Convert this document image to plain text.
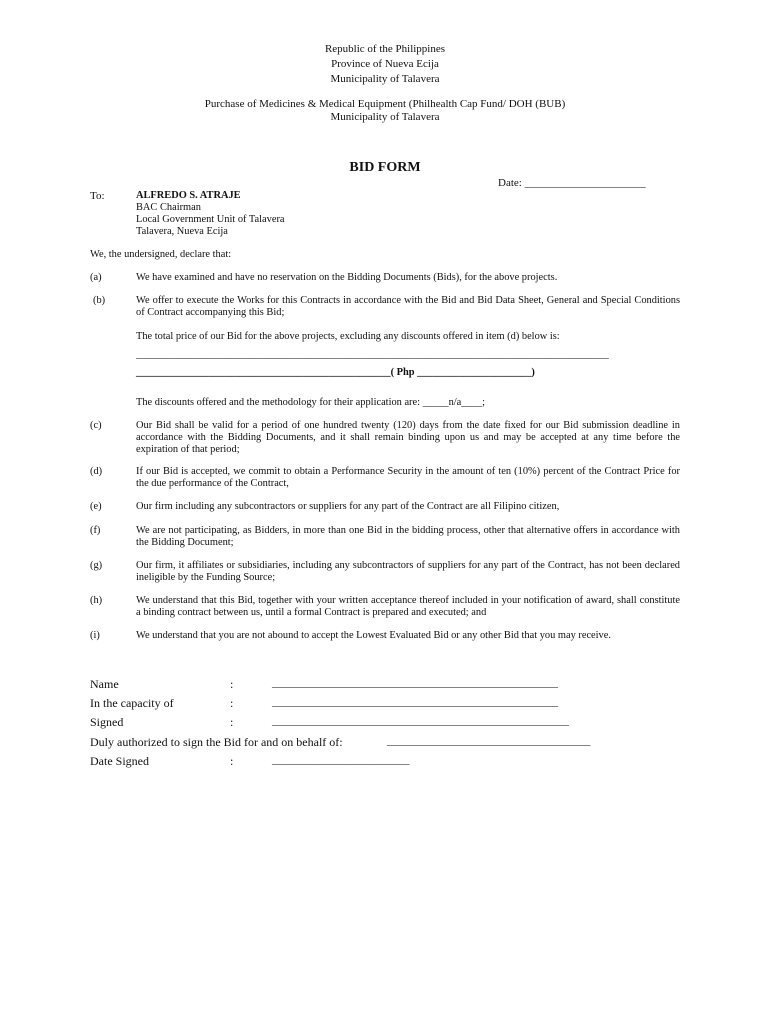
Republic of the Philippines
Province of Nueva Ecija
Municipality of Talavera
Purchase of Medicines & Medical Equipment (Philhealth Cap Fund/ DOH (BUB)
Municipality of Talavera
BID FORM
Date: ______________________
To:	ALFREDO S. ATRAJE
BAC Chairman
Local Government Unit of Talavera
Talavera, Nueva Ecija
We, the undersigned, declare that:
(a)	We have examined and have no reservation on the Bidding Documents (Bids), for the above projects.
(b)	We offer to execute the Works for this Contracts in accordance with the Bid and Bid Data Sheet, General and Special Conditions of Contract accompanying this Bid;
The total price of our Bid for the above projects, excluding any discounts offered in item (d) below is:
___________________________________________________________________________________________
_________________________________________________( Php ______________________)
The discounts offered and the methodology for their application are: _____n/a____;
(c)	Our Bid shall be valid for a period of one hundred twenty (120) days from the date fixed for our Bid submission deadline in accordance with the Bidding Documents, and it shall remain binding upon us and may be accepted at any time before the expiration of that period;
(d)	If our Bid is accepted, we commit to obtain a Performance Security in the amount of ten (10%) percent of the Contract Price for the due performance of the Contract,
(e)	Our firm including any subcontractors or suppliers for any part of the Contract are all Filipino citizen,
(f)	We are not participating, as Bidders, in more than one Bid in the bidding process, other that alternative offers in accordance with the Bidding Document;
(g)	Our firm, it affiliates or subsidiaries, including any subcontractors of suppliers for any part of the Contract, has not been declared ineligible by the Funding Source;
(h)	We understand that this Bid, together with your written acceptance thereof included in your notification of award, shall constitute a binding contract between us, until a formal Contract is prepared and executed; and
(i)	We understand that you are not abound to accept the Lowest Evaluated Bid or any other Bid that you may receive.
Name	:	____________________________________________________
In the capacity of	:	____________________________________________________
Signed	:	______________________________________________________
Duly authorized to sign the Bid for and on behalf of:	_____________________________________
Date Signed	:	_________________________
